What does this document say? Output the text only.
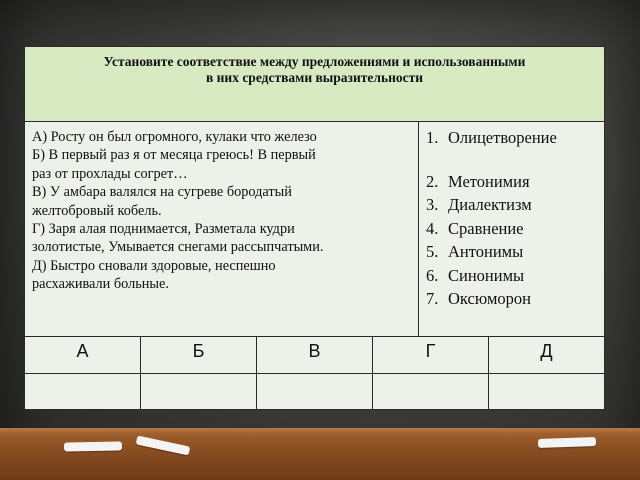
Установите соответствие между предложениями и использованными
в них средствами выразительности
А) Росту он был огромного, кулаки что железо
Б) В первый раз я от месяца греюсь! В первый
раз от прохлады согрет…
В) У амбара валялся на сугреве бородатый
желтобровый кобель.
Г) Заря алая поднимается, Разметала кудри
золотистые, Умывается снегами рассыпчатыми.
Д) Быстро сновали здоровые, неспешно
расхаживали больные.
1. Олицетворение
2. Метонимия
3. Диалектизм
4. Сравнение
5. Антонимы
6. Синонимы
7. Оксюморон
А	Б	В	Г	Д
